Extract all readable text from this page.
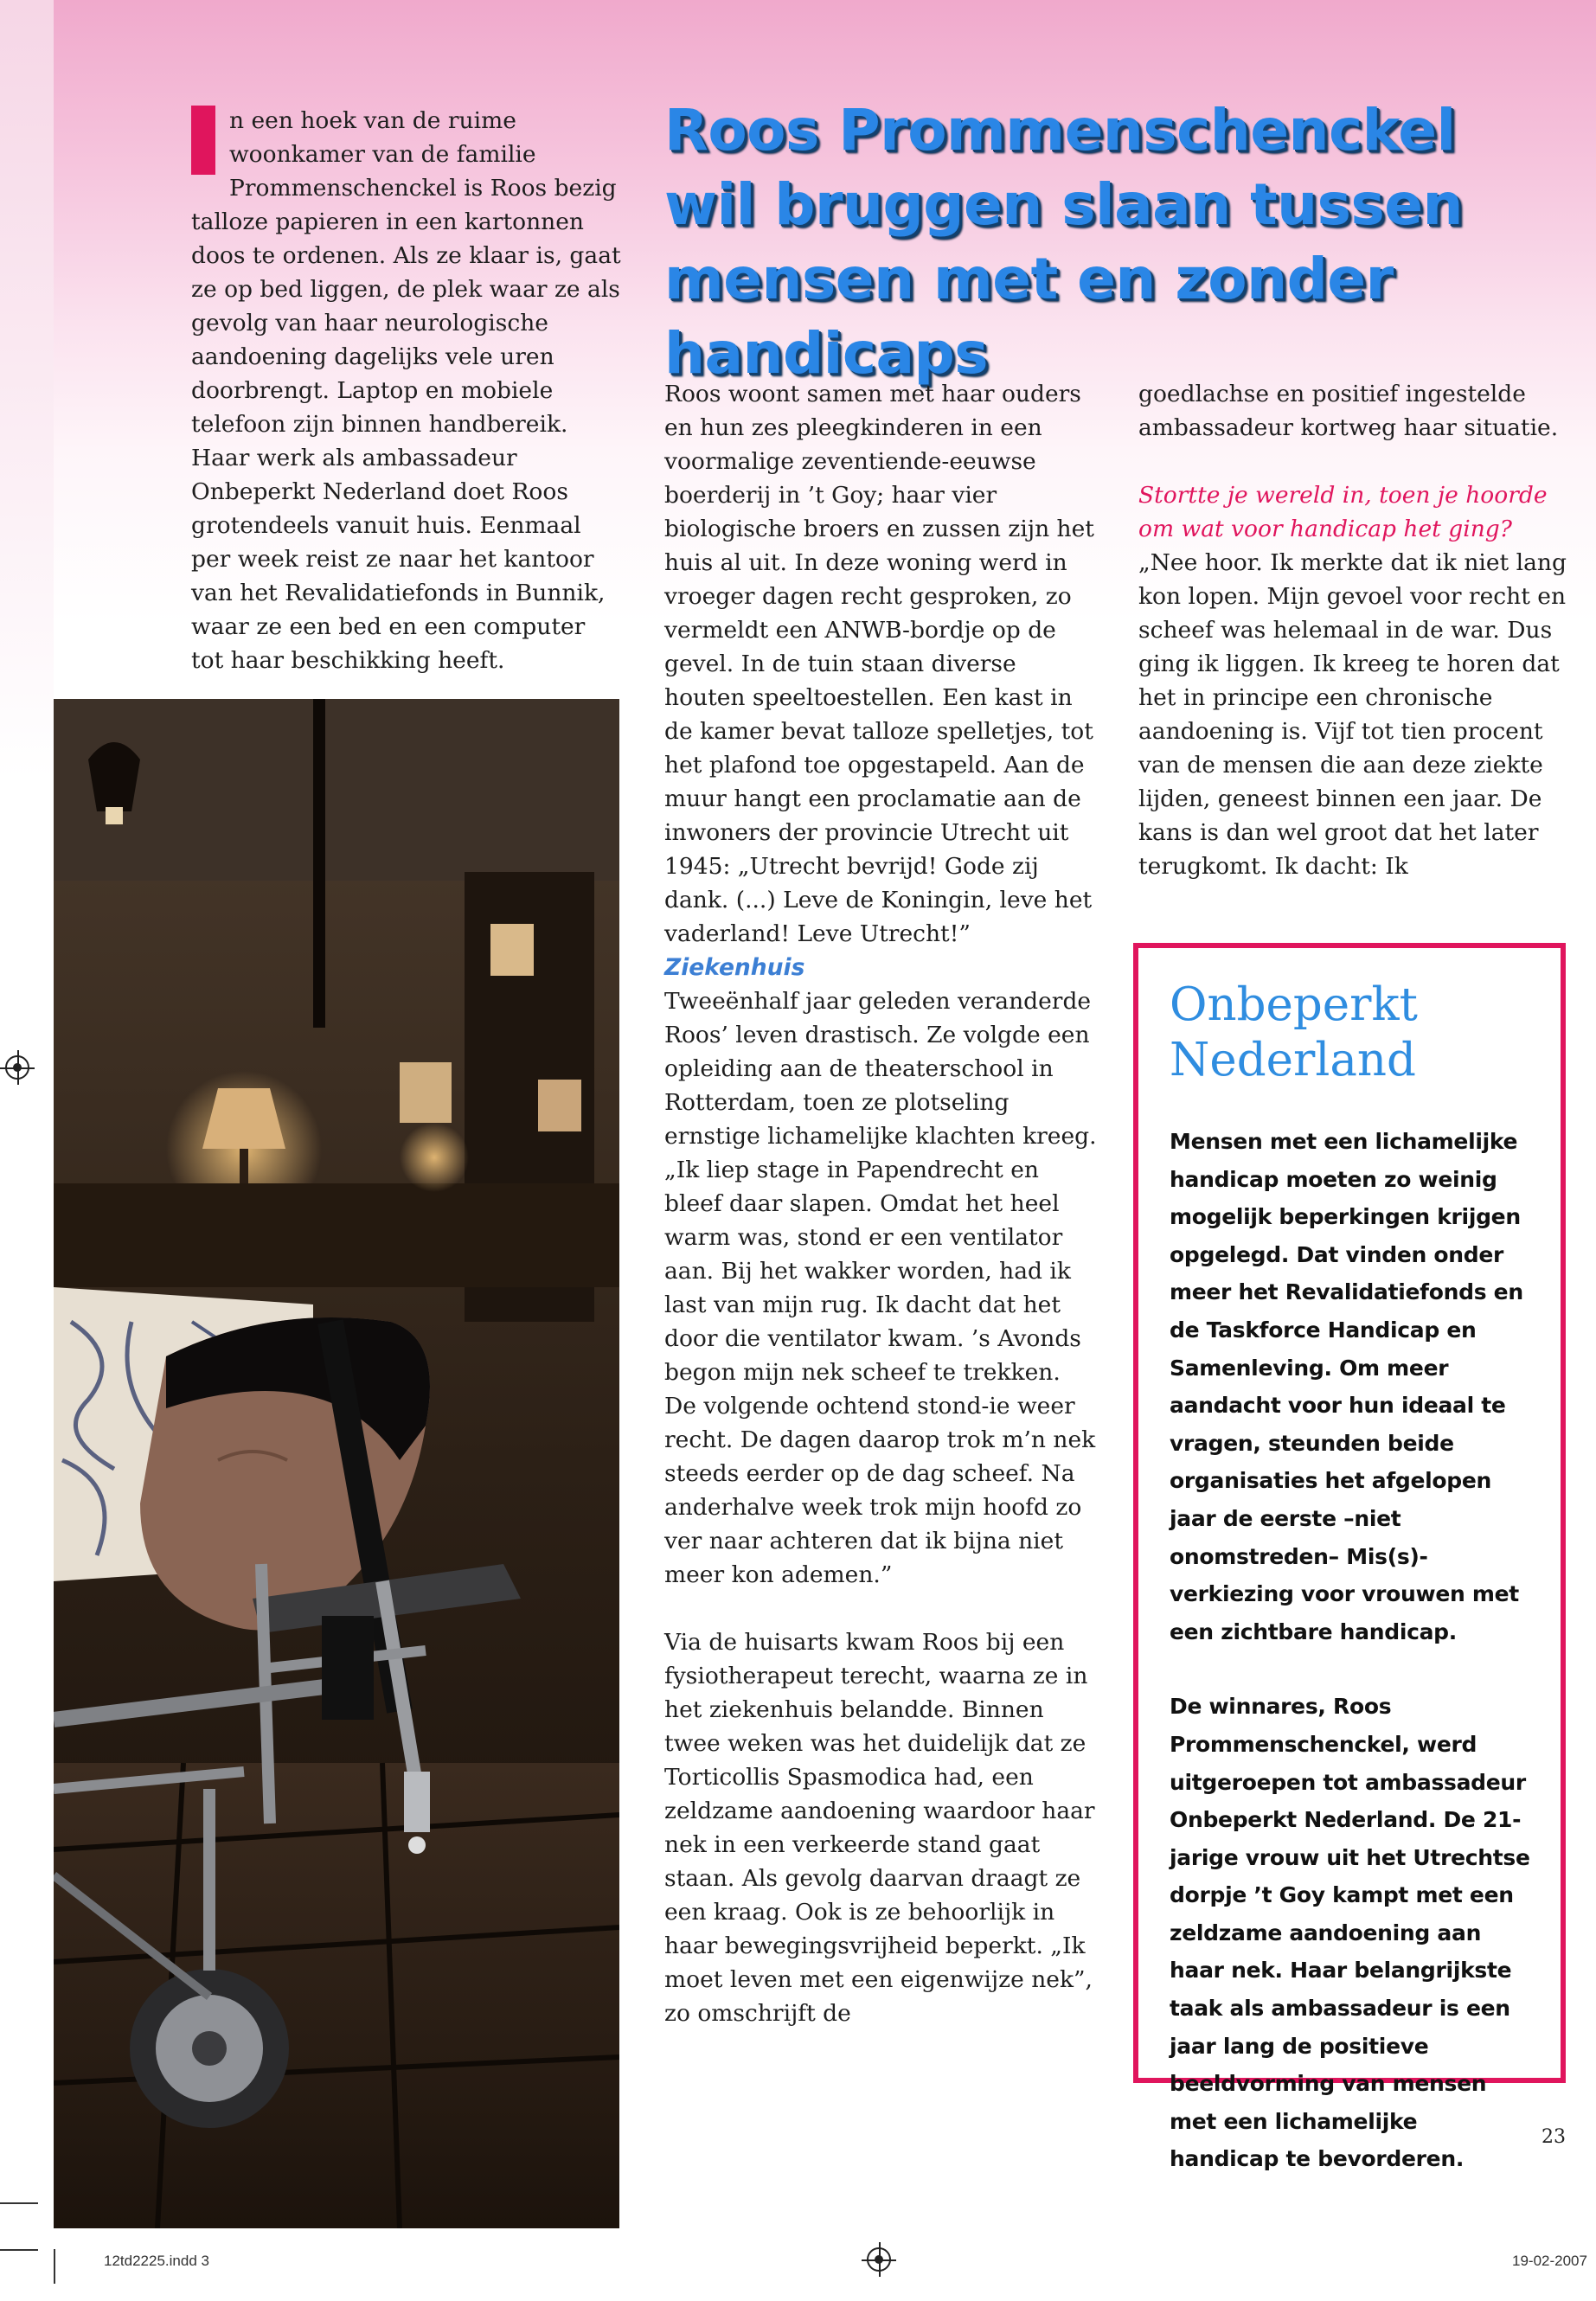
n een hoek van de ruime woonkamer van de familie Prommenschenckel is Roos bezig talloze papieren in een kartonnen doos te ordenen. Als ze klaar is, gaat ze op bed liggen, de plek waar ze als gevolg van haar neurologische aandoening dagelijks vele uren doorbrengt. Laptop en mobiele telefoon zijn binnen handbereik. Haar werk als ambassadeur Onbeperkt Nederland doet Roos grotendeels vanuit huis. Eenmaal per week reist ze naar het kantoor van het Revalidatiefonds in Bunnik, waar ze een bed en een computer tot haar beschikking heeft.
Roos Prommenschenckel wil bruggen slaan tussen mensen met en zonder handicaps

Roos woont samen met haar ouders en hun zes pleegkinderen in een voormalige zeventiende-eeuwse boerderij in ’t Goy; haar vier biologische broers en zussen zijn het huis al uit. In deze woning werd in vroeger dagen recht gesproken, zo vermeldt een ANWB-bordje op de gevel. In de tuin staan diverse houten speeltoestellen. Een kast in de kamer bevat talloze spelletjes, tot het plafond toe opgestapeld. Aan de muur hangt een proclamatie aan de inwoners der provincie Utrecht uit 1945: „Utrecht bevrijd! Gode zij dank. (...) Leve de Koningin, leve het vaderland! Leve Utrecht!”

Ziekenhuis

Tweeënhalf jaar geleden veranderde Roos’ leven drastisch. Ze volgde een opleiding aan de theaterschool in Rotterdam, toen ze plotseling ernstige lichamelijke klachten kreeg. „Ik liep stage in Papendrecht en bleef daar slapen. Omdat het heel warm was, stond er een ventilator aan. Bij het wakker worden, had ik last van mijn rug. Ik dacht dat het door die ventilator kwam. ’s Avonds begon mijn nek scheef te trekken. De volgende ochtend stond-ie weer recht. De dagen daarop trok m’n nek steeds eerder op de dag scheef. Na anderhalve week trok mijn hoofd zo ver naar achteren dat ik bijna niet meer kon ademen.”

Via de huisarts kwam Roos bij een fysiotherapeut terecht, waarna ze in het ziekenhuis belandde. Binnen twee weken was het duidelijk dat ze Torticollis Spasmodica had, een zeldzame aandoening waardoor haar nek in een verkeerde stand gaat staan. Als gevolg daarvan draagt ze een kraag. Ook is ze behoorlijk in haar bewegingsvrijheid beperkt. „Ik moet leven met een eigenwijze nek”, zo omschrijft de

goedlachse en positief ingestelde ambassadeur kortweg haar situatie.

Stortte je wereld in, toen je hoorde om wat voor handicap het ging?

„Nee hoor. Ik merkte dat ik niet lang kon lopen. Mijn gevoel voor recht en scheef was helemaal in de war. Dus ging ik liggen. Ik kreeg te horen dat het in principe een chronische aandoening is. Vijf tot tien procent van de mensen die aan deze ziekte lijden, geneest binnen een jaar. De kans is dan wel groot dat het later terugkomt. Ik dacht: Ik

Onbeperkt
Nederland

Mensen met een lichamelijke handicap moeten zo weinig mogelijk beperkingen krijgen opgelegd. Dat vinden onder meer het Revalidatiefonds en de Taskforce Handicap en Samenleving. Om meer aandacht voor hun ideaal te vragen, steunden beide organisaties het afgelopen jaar de eerste –niet onomstreden– Mis(s)-verkiezing voor vrouwen met een zichtbare handicap.

De winnares, Roos Prommenschenckel, werd uitgeroepen tot ambassadeur Onbeperkt Nederland. De 21-jarige vrouw uit het Utrechtse dorpje ’t Goy kampt met een zeldzame aandoening aan haar nek. Haar belangrijkste taak als ambassadeur is een jaar lang de positieve beeldvorming van mensen met een lichamelijke handicap te bevorderen.

23
12td2225.indd 3	19-02-2007
